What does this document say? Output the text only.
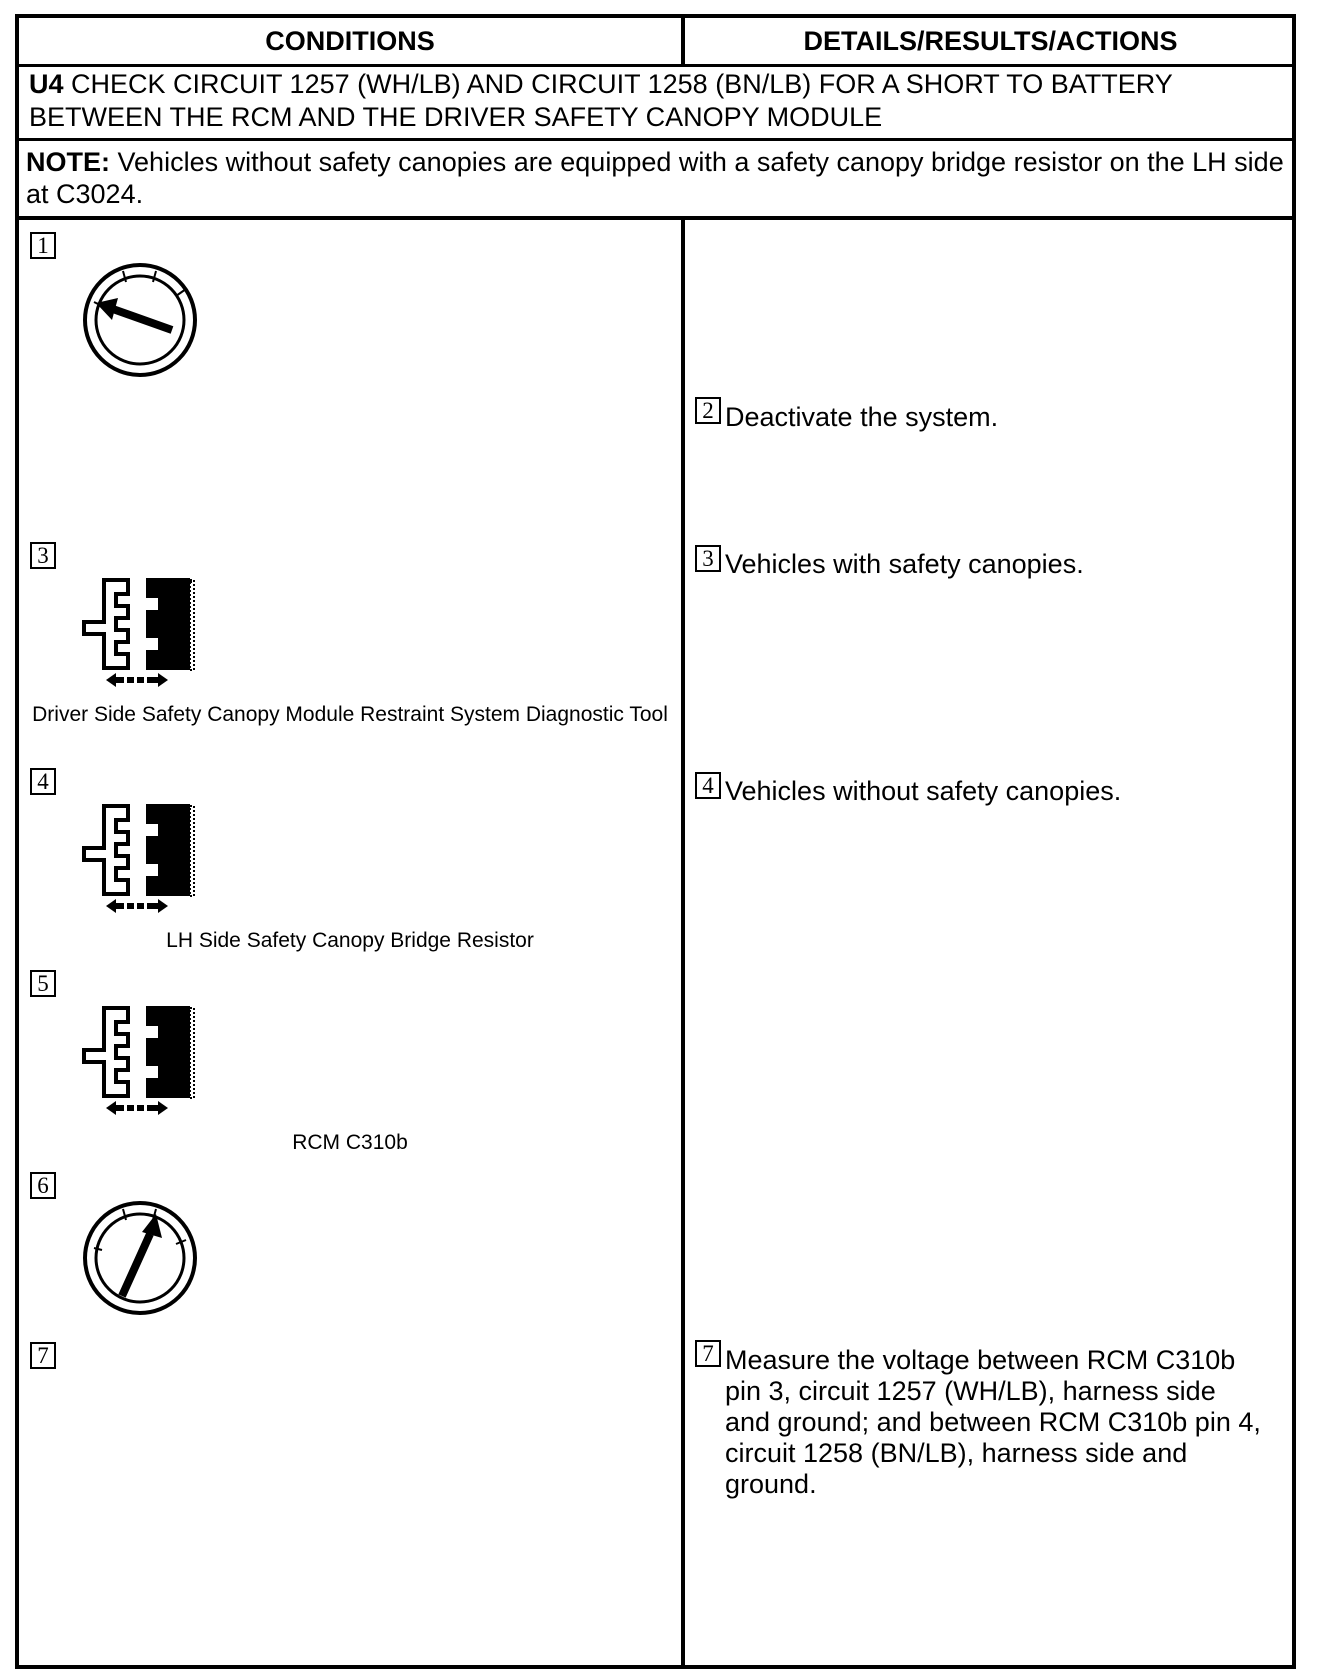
CONDITIONS	DETAILS/RESULTS/ACTIONS
U4 CHECK CIRCUIT 1257 (WH/LB) AND CIRCUIT 1258 (BN/LB) FOR A SHORT TO BATTERY BETWEEN THE RCM AND THE DRIVER SAFETY CANOPY MODULE
NOTE: Vehicles without safety canopies are equipped with a safety canopy bridge resistor on the LH side at C3024.
1
3
Driver Side Safety Canopy Module Restraint System Diagnostic Tool
4
LH Side Safety Canopy Bridge Resistor
5
RCM C310b
6
7
2 Deactivate the system.
3 Vehicles with safety canopies.
4 Vehicles without safety canopies.
7 Measure the voltage between RCM C310b pin 3, circuit 1257 (WH/LB), harness side and ground; and between RCM C310b pin 4, circuit 1258 (BN/LB), harness side and ground.
